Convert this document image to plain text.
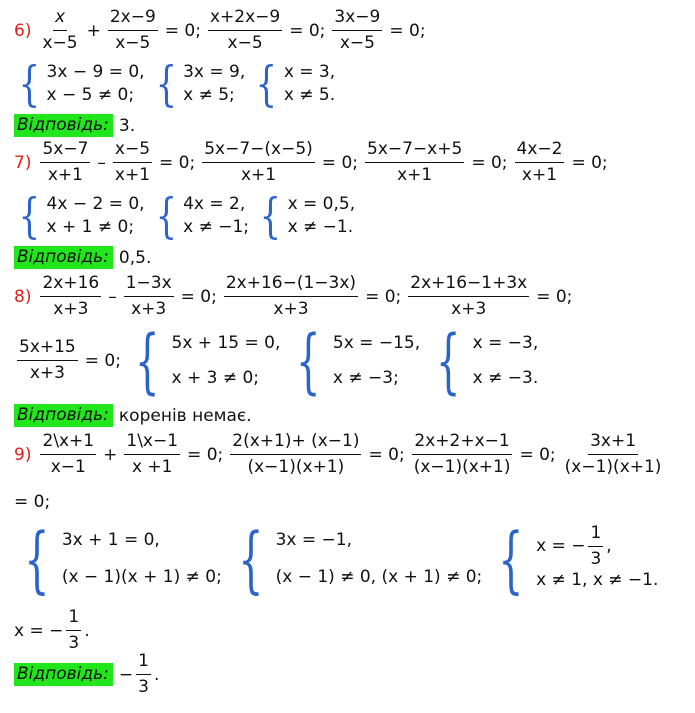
$6) \frac{x}{x-5} + \frac{2x-9}{x-5} = 0$; $\frac{x+2x-9}{x-5} = 0$; $\frac{3x-9}{x-5} = 0$;
{ 3x − 9 = 0,
x − 5 ≠ 0; { 3x = 9,
x ≠ 5; { x = 3,
x ≠ 5.
Відповідь: 3.
$7) \frac{5x-7}{x+1} - \frac{x-5}{x+1} = 0$; $\frac{5x-7-(x-5)}{x+1} = 0$; $\frac{5x-7-x+5}{x+1} = 0$; $\frac{4x-2}{x+1} = 0$;
{ 4x − 2 = 0,
x + 1 ≠ 0; { 4x = 2,
x ≠ −1; { x = 0,5,
x ≠ −1.
Відповідь: 0,5.
$8) \frac{2x+16}{x+3} - \frac{1-3x}{x+3} = 0$; $\frac{2x+16-(1-3x)}{x+3} = 0$; $\frac{2x+16-1+3x}{x+3} = 0$;
$\frac{5x+15}{x+3} = 0$; { 5x + 15 = 0,
x + 3 ≠ 0; { 5x = −15,
x ≠ −3; { x = −3,
x ≠ −3.
Відповідь: коренів немає.
$9) \frac{2\backslash x+1}{x-1} + \frac{1\backslash x-1}{x +1} = 0$; $\frac{2(x+1)+ (x-1)}{(x-1)(x+1)} = 0$; $\frac{2x+2+x-1}{(x-1)(x+1)} = 0$; $\frac{3x+1}{(x-1)(x+1)}$
= 0;
{ 3x + 1 = 0,
(x − 1)(x + 1) ≠ 0; { 3x = −1,
(x − 1) ≠ 0, (x + 1) ≠ 0; { x = − $\frac{1}{3}$ ,
x ≠ 1, x ≠ −1.
x = − $\frac{1}{3}$ .
Відповідь: − $\frac{1}{3}$ .
